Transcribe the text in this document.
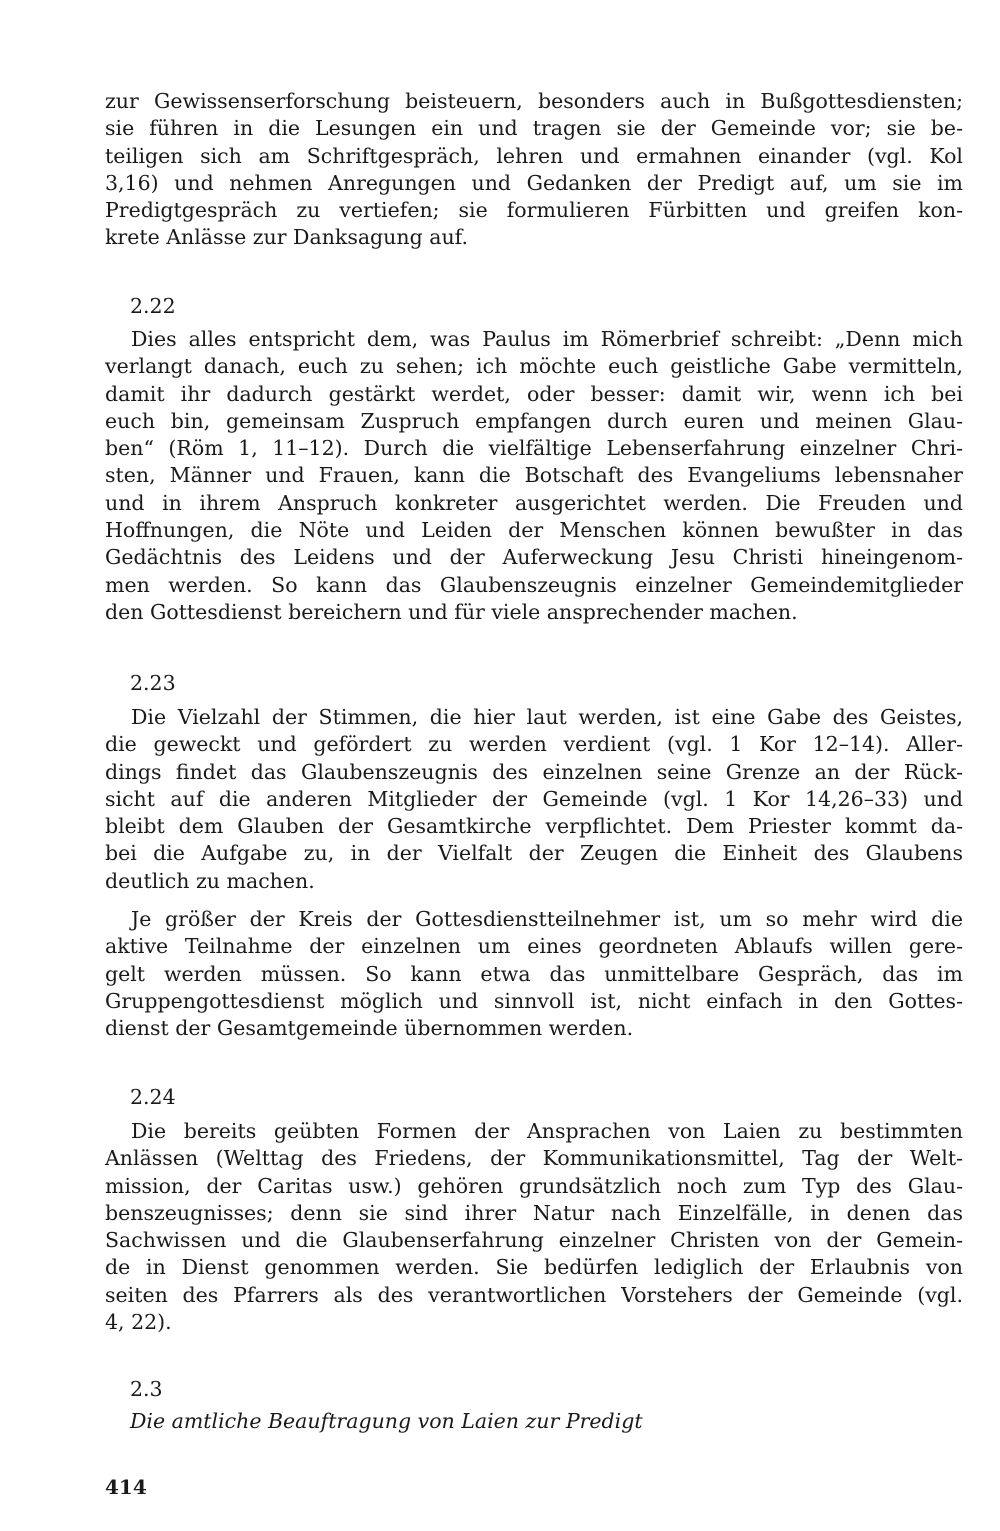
zur Gewissenserforschung beisteuern, besonders auch in Bußgottesdiensten;
sie führen in die Lesungen ein und tragen sie der Gemeinde vor; sie be-
teiligen sich am Schriftgespräch, lehren und ermahnen einander (vgl. Kol
3,16) und nehmen Anregungen und Gedanken der Predigt auf, um sie im
Predigtgespräch zu vertiefen; sie formulieren Fürbitten und greifen kon-
krete Anlässe zur Danksagung auf.
2.22
Dies alles entspricht dem, was Paulus im Römerbrief schreibt: „Denn mich
verlangt danach, euch zu sehen; ich möchte euch geistliche Gabe vermitteln,
damit ihr dadurch gestärkt werdet, oder besser: damit wir, wenn ich bei
euch bin, gemeinsam Zuspruch empfangen durch euren und meinen Glau-
ben“ (Röm 1, 11–12). Durch die vielfältige Lebenserfahrung einzelner Chri-
sten, Männer und Frauen, kann die Botschaft des Evangeliums lebensnaher
und in ihrem Anspruch konkreter ausgerichtet werden. Die Freuden und
Hoffnungen, die Nöte und Leiden der Menschen können bewußter in das
Gedächtnis des Leidens und der Auferweckung Jesu Christi hineingenom-
men werden. So kann das Glaubenszeugnis einzelner Gemeindemitglieder
den Gottesdienst bereichern und für viele ansprechender machen.
2.23
Die Vielzahl der Stimmen, die hier laut werden, ist eine Gabe des Geistes,
die geweckt und gefördert zu werden verdient (vgl. 1 Kor 12–14). Aller-
dings findet das Glaubenszeugnis des einzelnen seine Grenze an der Rück-
sicht auf die anderen Mitglieder der Gemeinde (vgl. 1 Kor 14,26–33) und
bleibt dem Glauben der Gesamtkirche verpflichtet. Dem Priester kommt da-
bei die Aufgabe zu, in der Vielfalt der Zeugen die Einheit des Glaubens
deutlich zu machen.
Je größer der Kreis der Gottesdienstteilnehmer ist, um so mehr wird die
aktive Teilnahme der einzelnen um eines geordneten Ablaufs willen gere-
gelt werden müssen. So kann etwa das unmittelbare Gespräch, das im
Gruppengottesdienst möglich und sinnvoll ist, nicht einfach in den Gottes-
dienst der Gesamtgemeinde übernommen werden.
2.24
Die bereits geübten Formen der Ansprachen von Laien zu bestimmten
Anlässen (Welttag des Friedens, der Kommunikationsmittel, Tag der Welt-
mission, der Caritas usw.) gehören grundsätzlich noch zum Typ des Glau-
benszeugnisses; denn sie sind ihrer Natur nach Einzelfälle, in denen das
Sachwissen und die Glaubenserfahrung einzelner Christen von der Gemein-
de in Dienst genommen werden. Sie bedürfen lediglich der Erlaubnis von
seiten des Pfarrers als des verantwortlichen Vorstehers der Gemeinde (vgl.
4, 22).
2.3
Die amtliche Beauftragung von Laien zur Predigt
414
